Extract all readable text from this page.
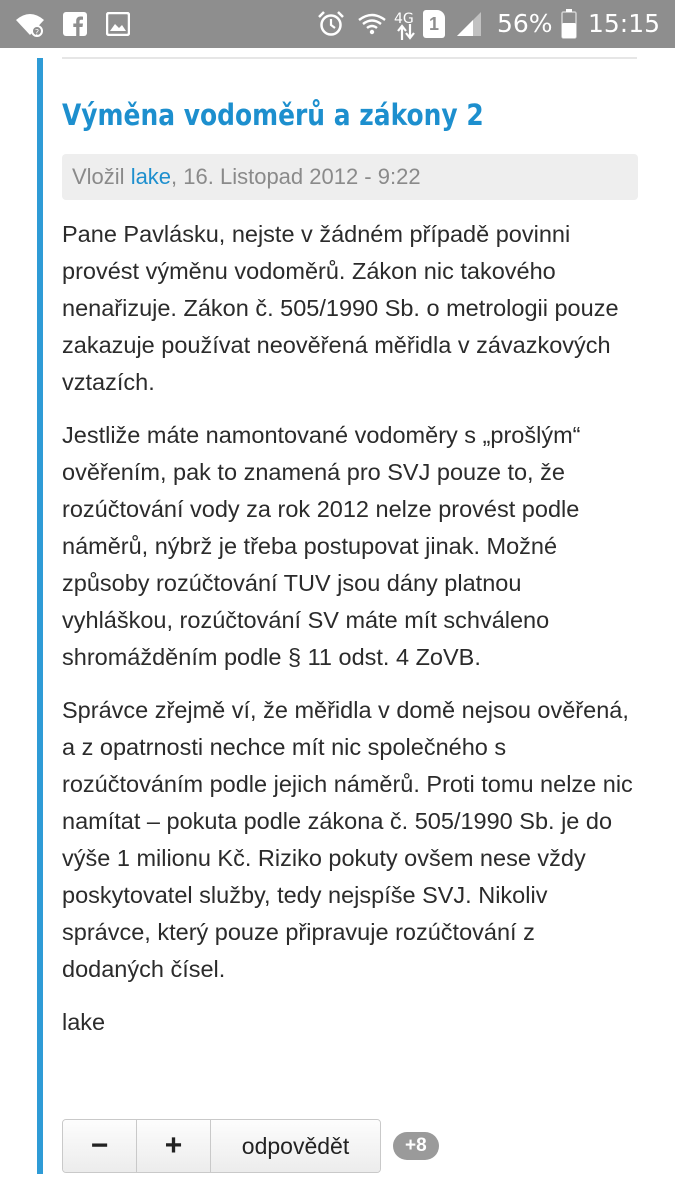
?
4G 1 56% 15:15
Výměna vodoměrů a zákony 2
Vložil lake, 16. Listopad 2012 - 9:22

Pane Pavlásku, nejste v žádném případě povinni provést výměnu vodoměrů. Zákon nic takového nenařizuje. Zákon č. 505/1990 Sb. o metrologii pouze zakazuje používat neověřená měřidla v závazkových vztazích.

Jestliže máte namontované vodoměry s „prošlým“ ověřením, pak to znamená pro SVJ pouze to, že rozúčtování vody za rok 2012 nelze provést podle náměrů, nýbrž je třeba postupovat jinak. Možné způsoby rozúčtování TUV jsou dány platnou vyhláškou, rozúčtování SV máte mít schváleno shromážděním podle § 11 odst. 4 ZoVB.

Správce zřejmě ví, že měřidla v domě nejsou ověřená, a z opatrnosti nechce mít nic společného s rozúčtováním podle jejich náměrů. Proti tomu nelze nic namítat – pokuta podle zákona č. 505/1990 Sb. je do výše 1 milionu Kč. Riziko pokuty ovšem nese vždy poskytovatel služby, tedy nejspíše SVJ. Nikoliv správce, který pouze připravuje rozúčtování z dodaných čísel.

lake

−	+	odpovědět	+8
